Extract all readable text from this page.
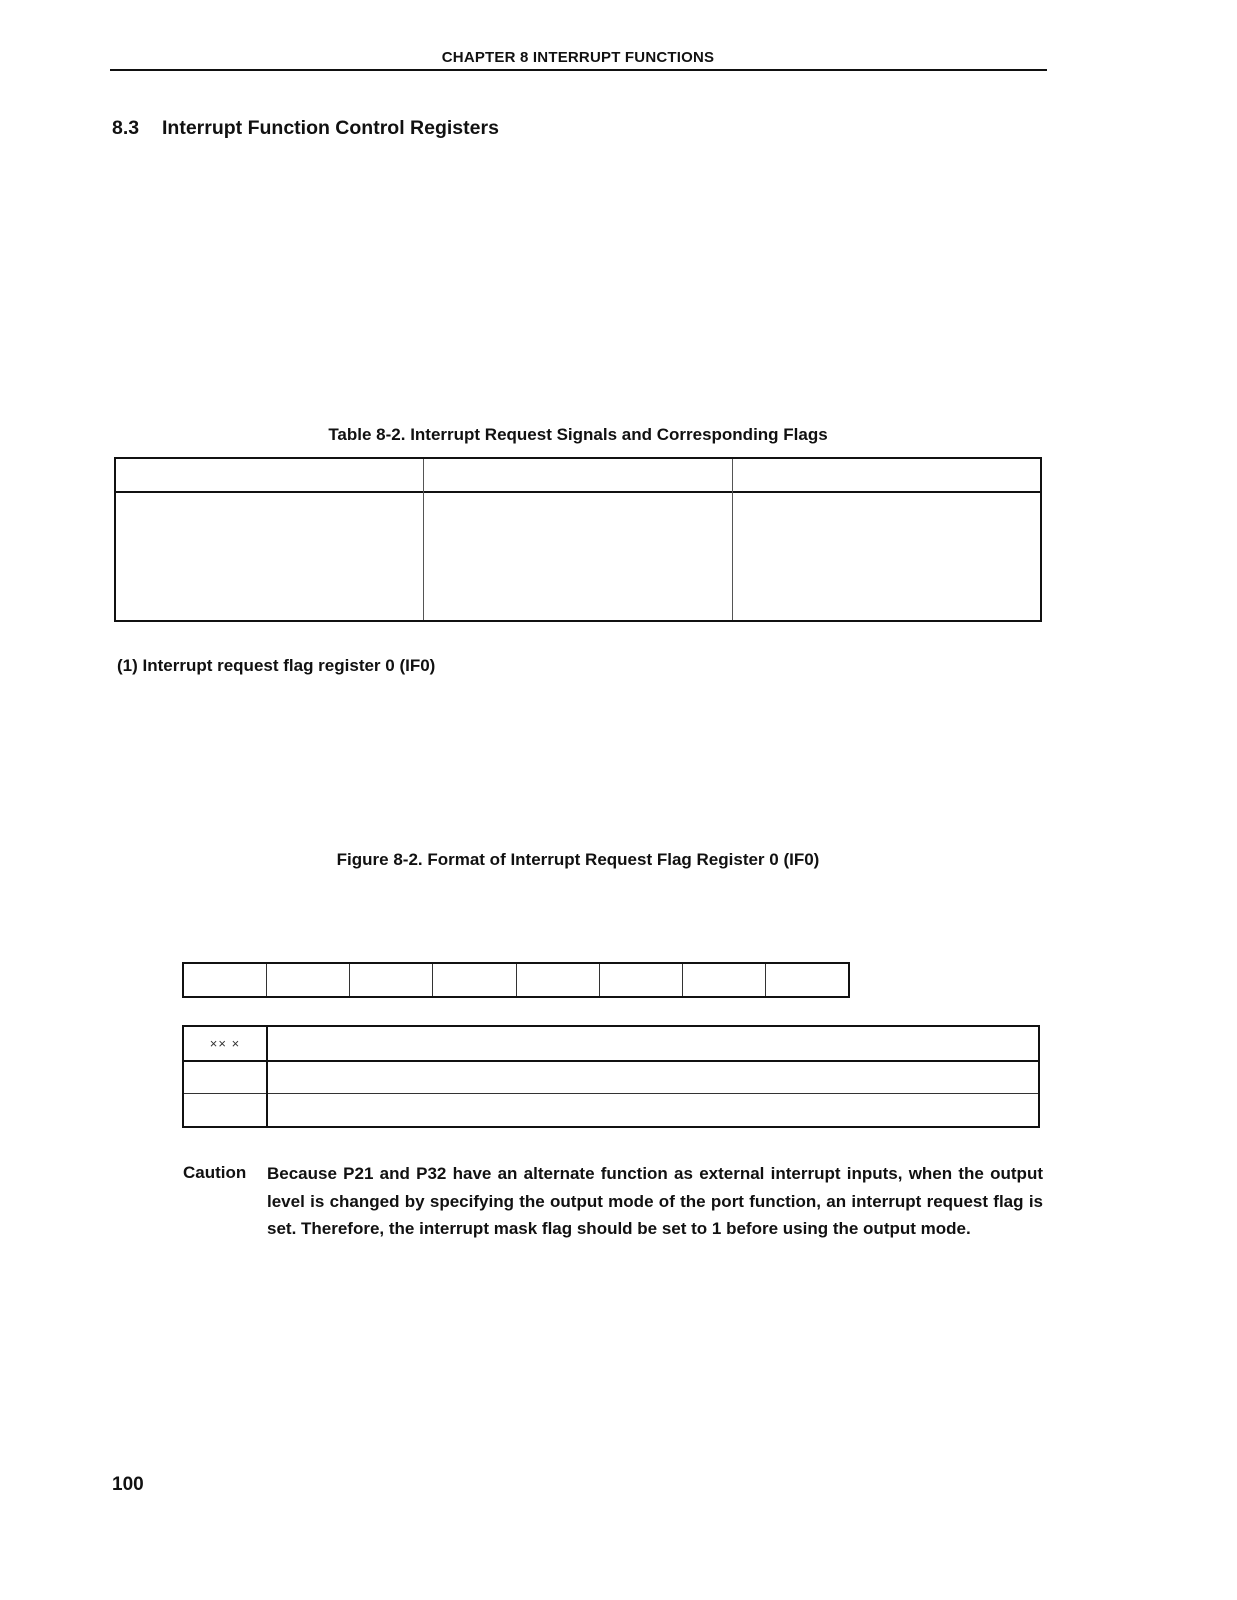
CHAPTER 8 INTERRUPT FUNCTIONS
8.3 Interrupt Function Control Registers
Table 8-2. Interrupt Request Signals and Corresponding Flags
(1) Interrupt request flag register 0 (IF0)
Figure 8-2. Format of Interrupt Request Flag Register 0 (IF0)
×× ×
Caution Because P21 and P32 have an alternate function as external interrupt inputs, when the output level is changed by specifying the output mode of the port function, an interrupt request flag is set. Therefore, the interrupt mask flag should be set to 1 before using the output mode.
100
